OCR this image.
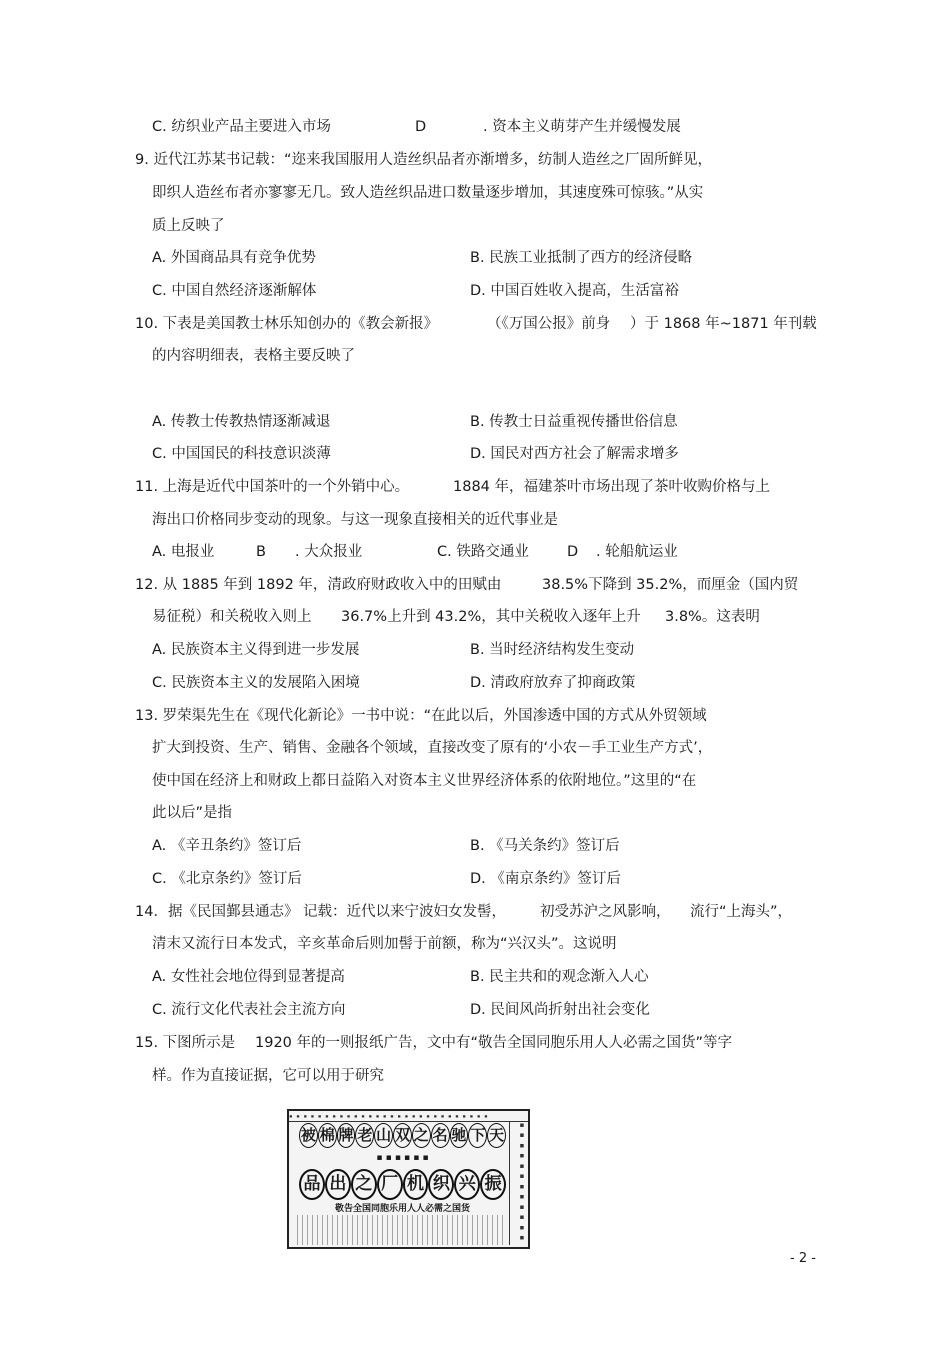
C. 纺织业产品主要进入市场	D	. 资本主义萌芽产生并缓慢发展
9. 近代江苏某书记载：“迩来我国服用人造丝织品者亦渐增多，纺制人造丝之厂固所鲜见，
即织人造丝布者亦寥寥无几。致人造丝织品进口数量逐步增加，其速度殊可惊骇。”从实
质上反映了
A. 外国商品具有竞争优势	B. 民族工业抵制了西方的经济侵略
C. 中国自然经济逐渐解体	D. 中国百姓收入提高，生活富裕
10. 下表是美国教士林乐知创办的《教会新报》	（《万国公报》前身 ）于 1868 年~1871 年刊载
的内容明细表，表格主要反映了
A. 传教士传教热情逐渐减退	B. 传教士日益重视传播世俗信息
C. 中国国民的科技意识淡薄	D. 国民对西方社会了解需求增多
11. 上海是近代中国茶叶的一个外销中心。	1884 年，福建茶叶市场出现了茶叶收购价格与上
海出口价格同步变动的现象。与这一现象直接相关的近代事业是
A. 电报业	B . 大众报业	C. 铁路交通业	D . 轮船航运业
12. 从 1885 年到 1892 年，清政府财政收入中的田赋由	38.5%下降到 35.2%，而厘金（国内贸
易征税）和关税收入则上 36.7%上升到 43.2%，其中关税收入逐年上升 3.8%。这表明
A. 民族资本主义得到进一步发展	B. 当时经济结构发生变动
C. 民族资本主义的发展陷入困境	D. 清政府放弃了抑商政策
13. 罗荣渠先生在《现代化新论》一书中说：“在此以后，外国渗透中国的方式从外贸领域
扩大到投资、生产、销售、金融各个领域，直接改变了原有的‘小农－手工业生产方式’，
使中国在经济上和财政上都日益陷入对资本主义世界经济体系的依附地位。”这里的“在
此以后”是指
A. 《辛丑条约》签订后	B. 《马关条约》签订后
C. 《北京条约》签订后	D. 《南京条约》签订后
14．据《民国鄞县通志》 记载：近代以来宁波妇女发髻， 初受苏沪之风影响， 流行“上海头”，
清末又流行日本发式，辛亥革命后则加髻于前额，称为“兴汉头”。这说明
A. 女性社会地位得到显著提高	B. 民主共和的观念渐入人心
C. 流行文化代表社会主流方向	D. 民间风尚折射出社会变化
15. 下图所示是 1920 年的一则报纸广告，文中有“敬告全国同胞乐用人人必需之国货”等字
样。作为直接证据，它可以用于研究
▪ ▪ ▪ ▪ ▪ ▪ ▪ ▪ ▪ ▪ ▪ ▪ ▪ ▪ ▪ ▪ ▪ ▪ ▪ ▪ ▪ ▪ ▪ ▪ ▪ ▪ ▪ ▪
被 棉 牌 老 山 双 之 名 驰 下 天
▪ ▪ ▪ ▪ ▪ ▪
品 出 之 厂 机 织 兴 振
敬告全国同胞乐用人人必需之国货	▪ ▪ ▪ ▪ ▪ ▪ ▪ ▪ ▪ ▪ ▪ ▪
- 2 -
